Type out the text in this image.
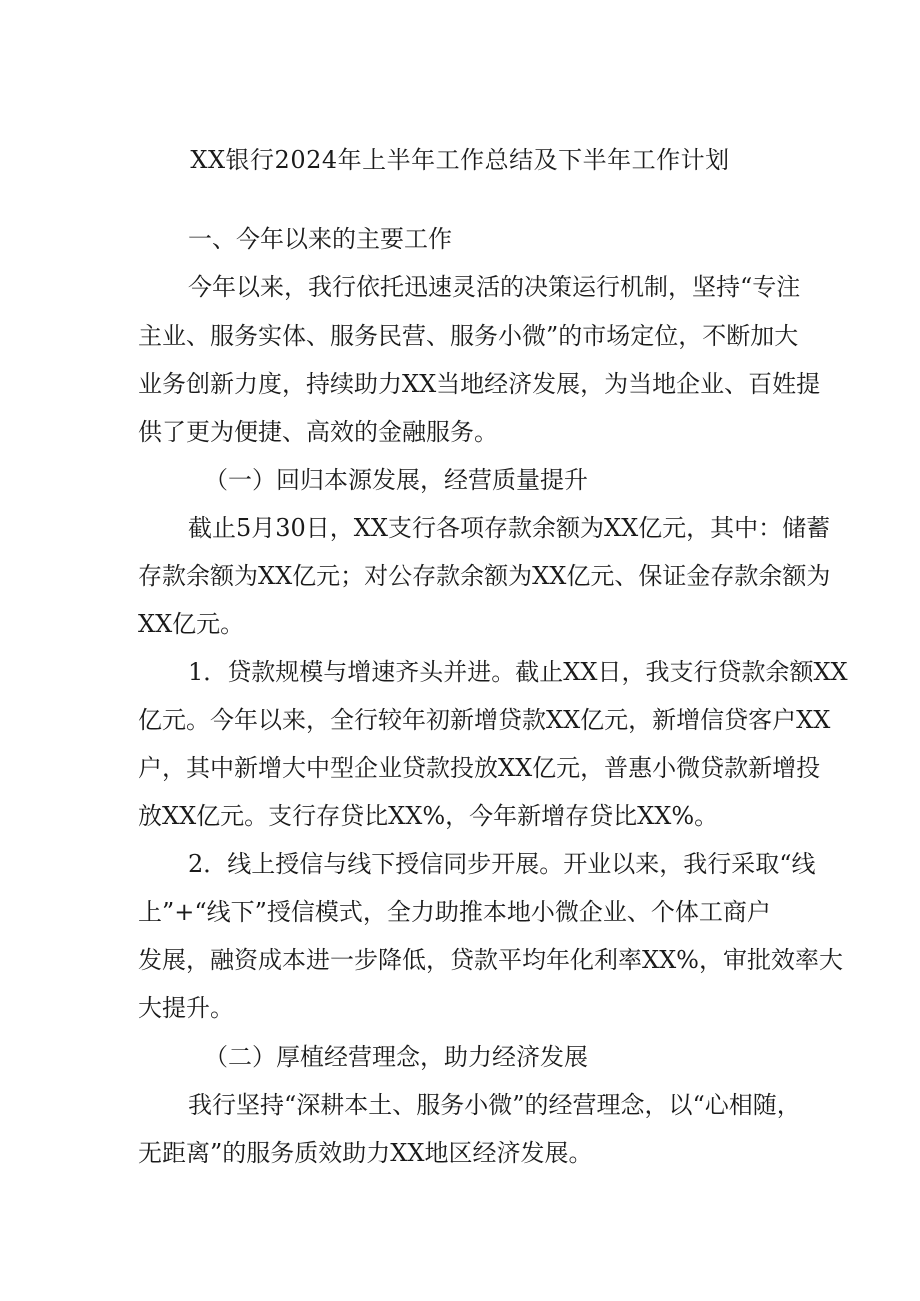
XX银行2024年上半年工作总结及下半年工作计划

一、今年以来的主要工作

今年以来，我行依托迅速灵活的决策运行机制，坚持“专注

主业、服务实体、服务民营、服务小微”的市场定位，不断加大

业务创新力度，持续助力XX当地经济发展，为当地企业、百姓提

供了更为便捷、高效的金融服务。

（一）回归本源发展，经营质量提升

截止5月30日，XX支行各项存款余额为XX亿元，其中：储蓄

存款余额为XX亿元；对公存款余额为XX亿元、保证金存款余额为

XX亿元。

1．贷款规模与增速齐头并进。截止XX日，我支行贷款余额XX

亿元。今年以来，全行较年初新增贷款XX亿元，新增信贷客户XX

户，其中新增大中型企业贷款投放XX亿元，普惠小微贷款新增投

放XX亿元。支行存贷比XX%，今年新增存贷比XX%。

2．线上授信与线下授信同步开展。开业以来，我行采取“线

上”+“线下”授信模式，全力助推本地小微企业、个体工商户

发展，融资成本进一步降低，贷款平均年化利率XX%，审批效率大

大提升。

（二）厚植经营理念，助力经济发展

我行坚持“深耕本土、服务小微”的经营理念，以“心相随，

无距离”的服务质效助力XX地区经济发展。
